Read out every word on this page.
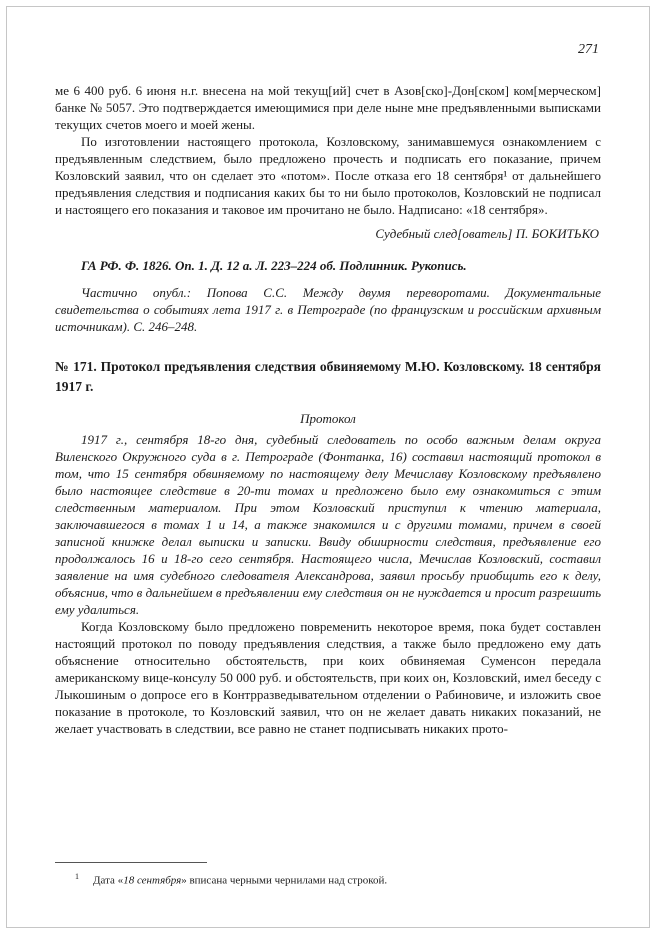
271

ме 6 400 руб. 6 июня н.г. внесена на мой текущ[ий] счет в Азов[ско]-Дон[ском] ком[мерческом] банке № 5057. Это подтверждается имеющимися при деле ныне мне предъявленными выписками текущих счетов моего и моей жены.

По изготовлении настоящего протокола, Козловскому, занимавшемуся ознакомлением с предъявленным следствием, было предложено прочесть и подписать его показание, причем Козловский заявил, что он сделает это «потом». После отказа его 18 сентября¹ от дальнейшего предъявления следствия и подписания каких бы то ни было протоколов, Козловский не подписал и настоящего его показания и таковое им прочитано не было. Надписано: «18 сентября».

Судебный след[ователь] П. БОКИТЬКО

ГА РФ. Ф. 1826. Оп. 1. Д. 12 а. Л. 223–224 об. Подлинник. Рукопись.

Частично опубл.: Попова С.С. Между двумя переворотами. Документальные свидетельства о событиях лета 1917 г. в Петрограде (по французским и российским архивным источникам). С. 246–248.

№ 171. Протокол предъявления следствия обвиняемому М.Ю. Козловскому. 18 сентября 1917 г.

Протокол

1917 г., сентября 18-го дня, судебный следователь по особо важным делам округа Виленского Окружного суда в г. Петрограде (Фонтанка, 16) составил настоящий протокол в том, что 15 сентября обвиняемому по настоящему делу Мечиславу Козловскому предъявлено было настоящее следствие в 20-ти томах и предложено было ему ознакомиться с этим следственным материалом. При этом Козловский приступил к чтению материала, заключавшегося в томах 1 и 14, а также знакомился и с другими томами, причем в своей записной книжке делал выписки и записки. Ввиду обширности следствия, предъявление его продолжалось 16 и 18-го сего сентября. Настоящего числа, Мечислав Козловский, составил заявление на имя судебного следователя Александрова, заявил просьбу приобщить его к делу, объяснив, что в дальнейшем в предъявлении ему следствия он не нуждается и просит разрешить ему удалиться.

Когда Козловскому было предложено повременить некоторое время, пока будет составлен настоящий протокол по поводу предъявления следствия, а также было предложено ему дать объяснение относительно обстоятельств, при коих обвиняемая Суменсон передала американскому вице-консулу 50 000 руб. и обстоятельств, при коих он, Козловский, имел беседу с Лыкошиным о допросе его в Контрразведывательном отделении о Рабиновиче, и изложить свое показание в протоколе, то Козловский заявил, что он не желает давать никаких показаний, не желает участвовать в следствии, все равно не станет подписывать никаких прото-

$^1$ Дата «18 сентября» вписана черными чернилами над строкой.
